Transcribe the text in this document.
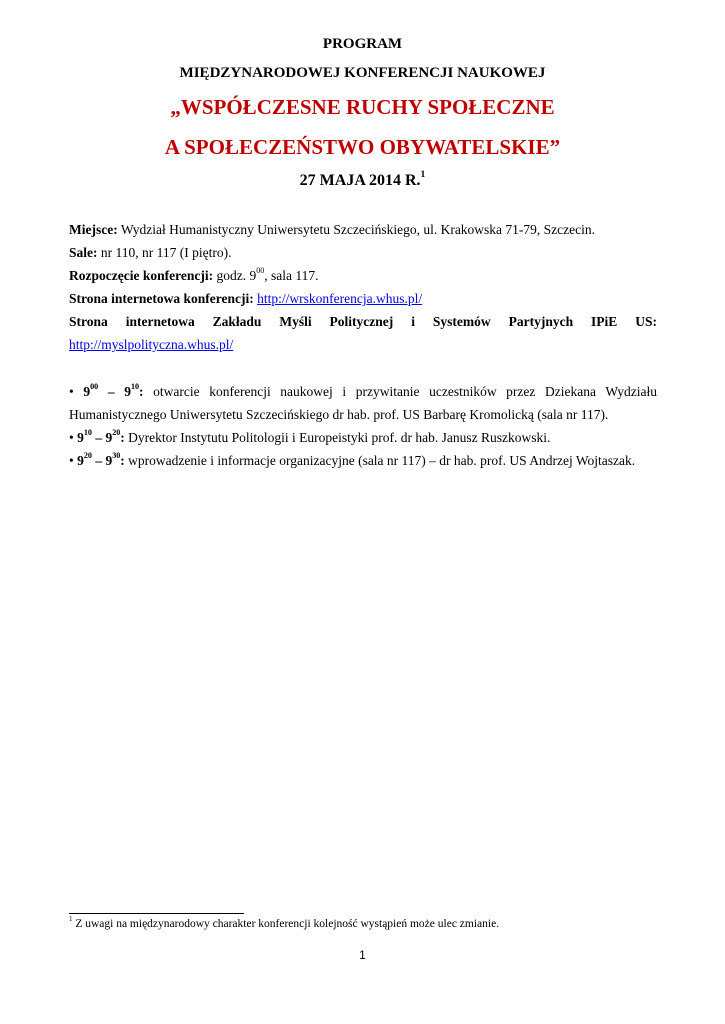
PROGRAM
MIĘDZYNARODOWEJ KONFERENCJI NAUKOWEJ
„WSPÓŁCZESNE RUCHY SPOŁECZNE
A SPOŁECZEŃSTWO OBYWATELSKIE”
27 MAJA 2014 R.$^1$
Miejsce: Wydział Humanistyczny Uniwersytetu Szczecińskiego, ul. Krakowska 71-79, Szczecin.
Sale: nr 110, nr 117 (I piętro).
Rozpoczęcie konferencji: godz. $9^{00}$, sala 117.
Strona internetowa konferencji: http://wrskonferencja.whus.pl/
Strona internetowa Zakładu Myśli Politycznej i Systemów Partyjnych IPiE US:
http://myslpolityczna.whus.pl/
• $9^{00} - 9^{10}$: otwarcie konferencji naukowej i przywitanie uczestników przez Dziekana Wydziału
Humanistycznego Uniwersytetu Szczecińskiego dr hab. prof. US Barbarę Kromolicką (sala nr 117).
• $9^{10} - 9^{20}$: Dyrektor Instytutu Politologii i Europeistyki prof. dr hab. Janusz Ruszkowski.
• $9^{20} - 9^{30}$: wprowadzenie i informacje organizacyjne (sala nr 117) – dr hab. prof. US Andrzej Wojtaszak.
$^1$ Z uwagi na międzynarodowy charakter konferencji kolejność wystąpień może ulec zmianie.
1
